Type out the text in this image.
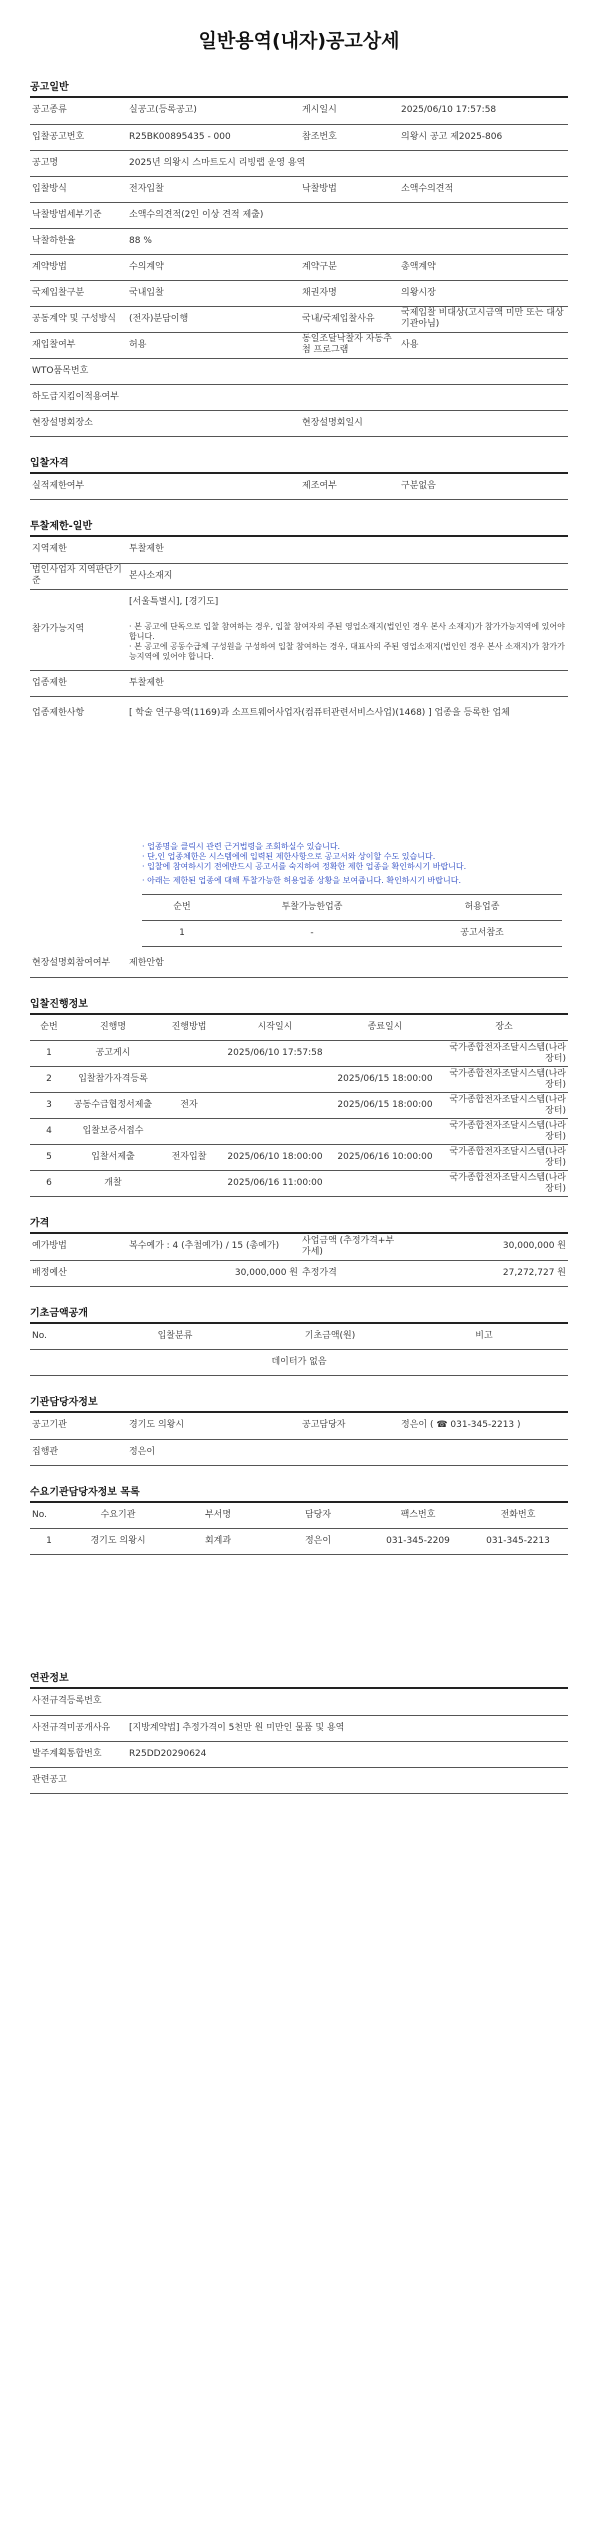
일반용역(내자)공고상세
공고일반
공고종류	실공고(등록공고)	게시일시	2025/06/10 17:57:58
입찰공고번호	R25BK00895435 - 000	참조번호	의왕시 공고 제2025-806
공고명	2025년 의왕시 스마트도시 리빙랩 운영 용역		
입찰방식	전자입찰	낙찰방법	소액수의견적
낙찰방법세부기준	소액수의견적(2인 이상 견적 제출)		
낙찰하한율	88 %		
계약방법	수의계약	계약구분	총액계약
국제입찰구분	국내입찰	채권자명	의왕시장
공동계약 및 구성방식	(전자)분담이행	국내/국제입찰사유	국제입찰 비대상(고시금액 미만 또는 대상기관아님)
재입찰여부	허용	동일조달낙찰자 자동추첨 프로그램	사용
WTO품목번호			
하도급지킴이적용여부			
현장설명회장소		현장설명회일시	
입찰자격
실적제한여부		제조여부	구분없음
투찰제한-일반
지역제한	투찰제한
법인사업자 지역판단기준	본사소재지
참가가능지역	[서울특별시], [경기도]
· 본 공고에 단독으로 입찰 참여하는 경우, 입찰 참여자의 주된 영업소재지(법인인 경우 본사 소재지)가 참가가능지역에 있어야 합니다.
· 본 공고에 공동수급체 구성원을 구성하여 입찰 참여하는 경우, 대표사의 주된 영업소재지(법인인 경우 본사 소재지)가 참가가능지역에 있어야 합니다.

업종제한	투찰제한
업종제한사항	[ 학술 연구용역(1169)과 소프트웨어사업자(컴퓨터관련서비스사업)(1468) ] 업종을 등록한 업체
· 업종명을 클릭시 관련 근거법령을 조회하실수 있습니다.
· 단,인 업종체한은 시스템에에 입력된 제한사항으로 공고서와 상이할 수도 있습니다.
· 입찰에 참여하시기 전에반드시 공고서를 숙지하여 정확한 제한 업종을 확인하시기 바랍니다.
· 아래는 제한된 업종에 대해 투찰가능한 허용업종 상황을 보여줍니다. 확인하시기 바랍니다.
순번	투찰가능한업종	허용업종
1	-	공고서참조
현장설명회참여여부	제한안함
입찰진행정보
순번	진행명	진행방법	시작일시	종료일시	장소
1	공고게시		2025/06/10 17:57:58		국가종합전자조달시스템(나라장터)
2	입찰참가자격등록			2025/06/15 18:00:00	국가종합전자조달시스템(나라장터)
3	공동수급협정서제출	전자		2025/06/15 18:00:00	국가종합전자조달시스템(나라장터)
4	입찰보증서접수				국가종합전자조달시스템(나라장터)
5	입찰서제출	전자입찰	2025/06/10 18:00:00	2025/06/16 10:00:00	국가종합전자조달시스템(나라장터)
6	개찰		2025/06/16 11:00:00		국가종합전자조달시스템(나라장터)
가격
예가방법	복수예가 : 4 (추첨예가) / 15 (총예가)	사업금액 (추정가격+부가세)	30,000,000 원
배정예산	30,000,000 원	추정가격	27,272,727 원
기초금액공개
No.	입찰분류	기초금액(원)	비고
데이터가 없음
기관담당자정보
공고기관	경기도 의왕시	공고담당자	정은이 ( ☎ 031-345-2213 )
집행관	정은이		
수요기관담당자정보 목록
No.	수요기관	부서명	담당자	팩스번호	전화번호
1	경기도 의왕시	회계과	정은이	031-345-2209	031-345-2213
연관정보
사전규격등록번호	
사전규격미공개사유	[지방계약법] 추정가격이 5천만 원 미만인 물품 및 용역
발주계획통합번호	R25DD20290624
관련공고	
